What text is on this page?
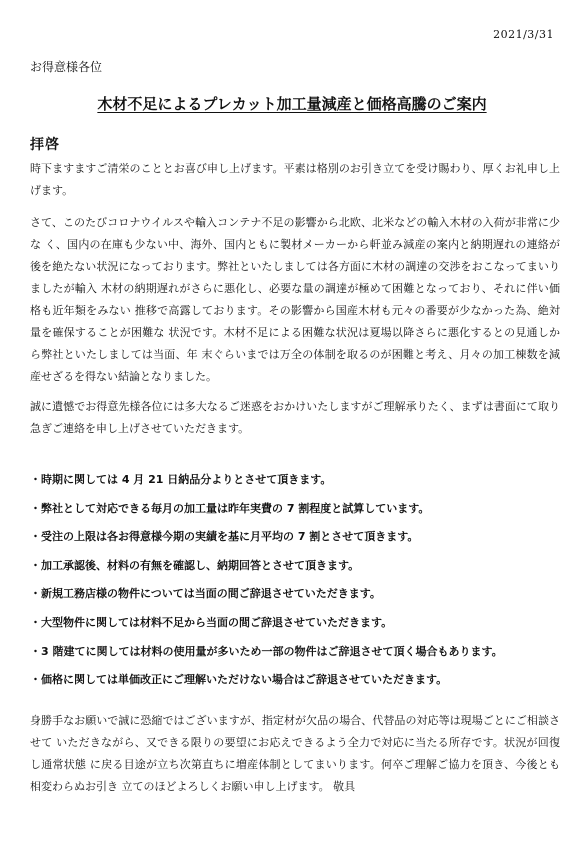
2021/3/31
お得意様各位
木材不足によるプレカット加工量減産と価格高騰のご案内
拝啓
時下ますますご清栄のこととお喜び申し上げます。平素は格別のお引き立てを受け賜わり、厚くお礼申し上げます。
さて、このたびコロナウイルスや輸入コンテナ不足の影響から北欧、北米などの輸入木材の入荷が非常に少な く、国内の在庫も少ない中、海外、国内ともに製材メーカーから軒並み減産の案内と納期遅れの連絡が後を絶たない状況になっております。弊社といたしましては各方面に木材の調達の交渉をおこなってまいりましたが輸入 木材の納期遅れがさらに悪化し、必要な量の調達が極めて困難となっており、それに伴い価格も近年類をみない 推移で高露しております。その影響から国産木材も元々の番要が少なかった為、絶対量を確保することが困難な 状況です。木材不足による困難な状況は夏場以降さらに悪化するとの見通しから弊社といたしましては当面、年 末ぐらいまでは万全の体制を取るのが困難と考え、月々の加工棟数を減産せざるを得ない結論となりました。
誠に遺憾でお得意先様各位には多大なるご迷惑をおかけいたしますがご理解承りたく、まずは書面にて取り急ぎご連絡を申し上げさせていただきます。
・時期に関しては 4 月 21 日納品分よりとさせて頂きます。
・弊社として対応できる毎月の加工量は昨年実費の 7 割程度と試算しています。
・受注の上限は各お得意様今期の実績を基に月平均の 7 割とさせて頂きます。
・加工承認後、材料の有無を確認し、納期回答とさせて頂きます。
・新規工務店様の物件については当面の間ご辞退させていただきます。
・大型物件に関しては材料不足から当面の間ご辞退させていただきます。
・3 階建てに関しては材料の使用量が多いため一部の物件はご辞退させて頂く場合もあります。
・価格に関しては単価改正にご理解いただけない場合はご辞退させていただきます。
身勝手なお願いで誠に恐縮ではございますが、指定材が欠品の場合、代替品の対応等は現場ごとにご相談させて いただきながら、又できる限りの要望にお応えできるよう全力で対応に当たる所存です。状況が回復し通常状態 に戻る目途が立ち次第直ちに増産体制としてまいります。何卒ご理解ご協力を頂き、今後とも相変わらぬお引き 立てのほどよろしくお願い申し上げます。 敬具
